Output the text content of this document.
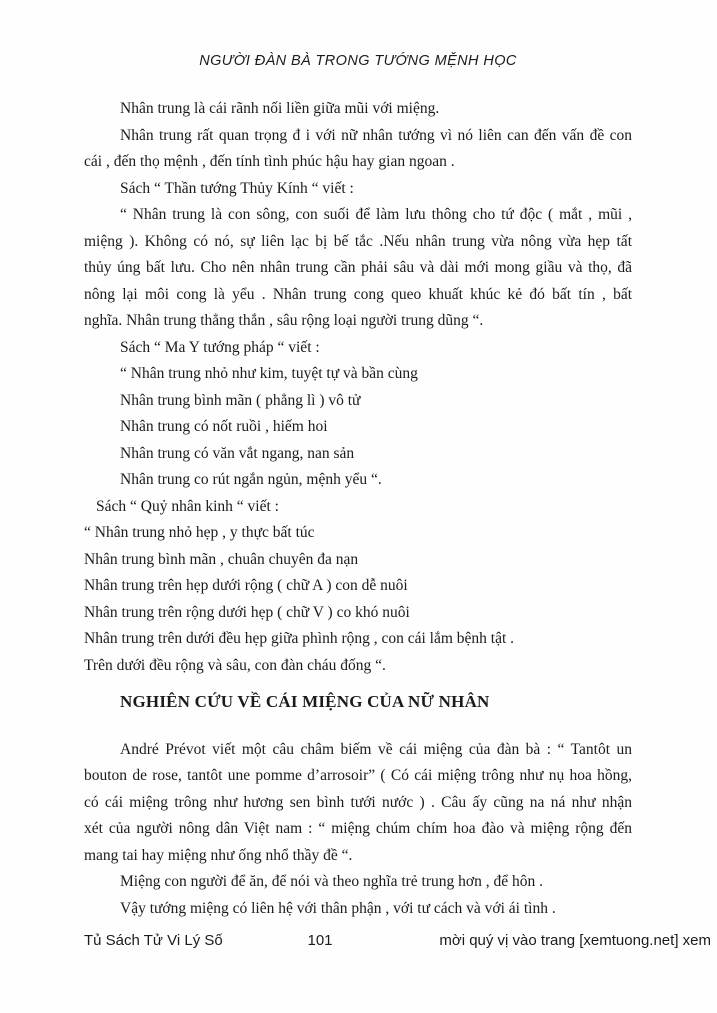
NGƯỜI ĐÀN BÀ TRONG TƯỚNG MỆNH HỌC
Nhân trung là cái rãnh nối liền giữa mũi với miệng.
Nhân trung rất quan trọng đ i với nữ nhân tướng vì nó liên can đến vấn đề con
cái , đến thọ mệnh , đến tính tình phúc hậu hay gian ngoan .
Sách “ Thần tướng Thủy Kính “ viết :
“ Nhân trung là con sông, con suối để làm lưu thông cho tứ độc ( mắt , mũi ,
miệng ). Không có nó, sự liên lạc bị bế tắc .Nếu nhân trung vừa nông vừa hẹp tất
thủy úng bất lưu. Cho nên nhân trung cần phải sâu và dài mới mong giầu và thọ, đã
nông lại môi cong là yểu . Nhân trung cong queo khuất khúc kẻ đó bất tín , bất
nghĩa. Nhân trung thẳng thắn , sâu rộng loại người trung dũng “.
Sách “ Ma Y tướng pháp “ viết :
“ Nhân trung nhỏ như kim, tuyệt tự và bần cùng
Nhân trung bình mãn ( phẳng lì ) vô tử
Nhân trung có nốt ruồi , hiếm hoi
Nhân trung có văn vắt ngang, nan sản
Nhân trung co rút ngắn ngủn, mệnh yểu “.
Sách “ Quỷ nhân kinh “ viết :
“ Nhân trung nhỏ hẹp , y thực bất túc
Nhân trung bình mãn , chuân chuyên đa nạn
Nhân trung trên hẹp dưới rộng ( chữ A ) con dễ nuôi
Nhân trung trên rộng dưới hẹp ( chữ V ) co khó nuôi
Nhân trung trên dưới đều hẹp giữa phình rộng , con cái lắm bệnh tật .
Trên dưới đều rộng và sâu, con đàn cháu đống “.
NGHIÊN CỨU VỀ CÁI MIỆNG CỦA NỮ NHÂN
André Prévot viết một câu châm biếm về cái miệng của đàn bà : “ Tantôt un
bouton de rose, tantôt une pomme d’arrosoir” ( Có cái miệng trông như nụ hoa hồng,
có cái miệng trông như hương sen bình tưới nước ) . Câu ấy cũng na ná như nhận
xét của người nông dân Việt nam : “ miệng chúm chím hoa đào và miệng rộng đến
mang tai hay miệng như ống nhổ thầy đề “.
Miệng con người để ăn, để nói và theo nghĩa trẻ trung hơn , để hôn .
Vậy tướng miệng có liên hệ với thân phận , với tư cách và với ái tình .
Tủ Sách Tử Vi Lý Số	101	mời quý vị vào trang [xemtuong.net] xem
